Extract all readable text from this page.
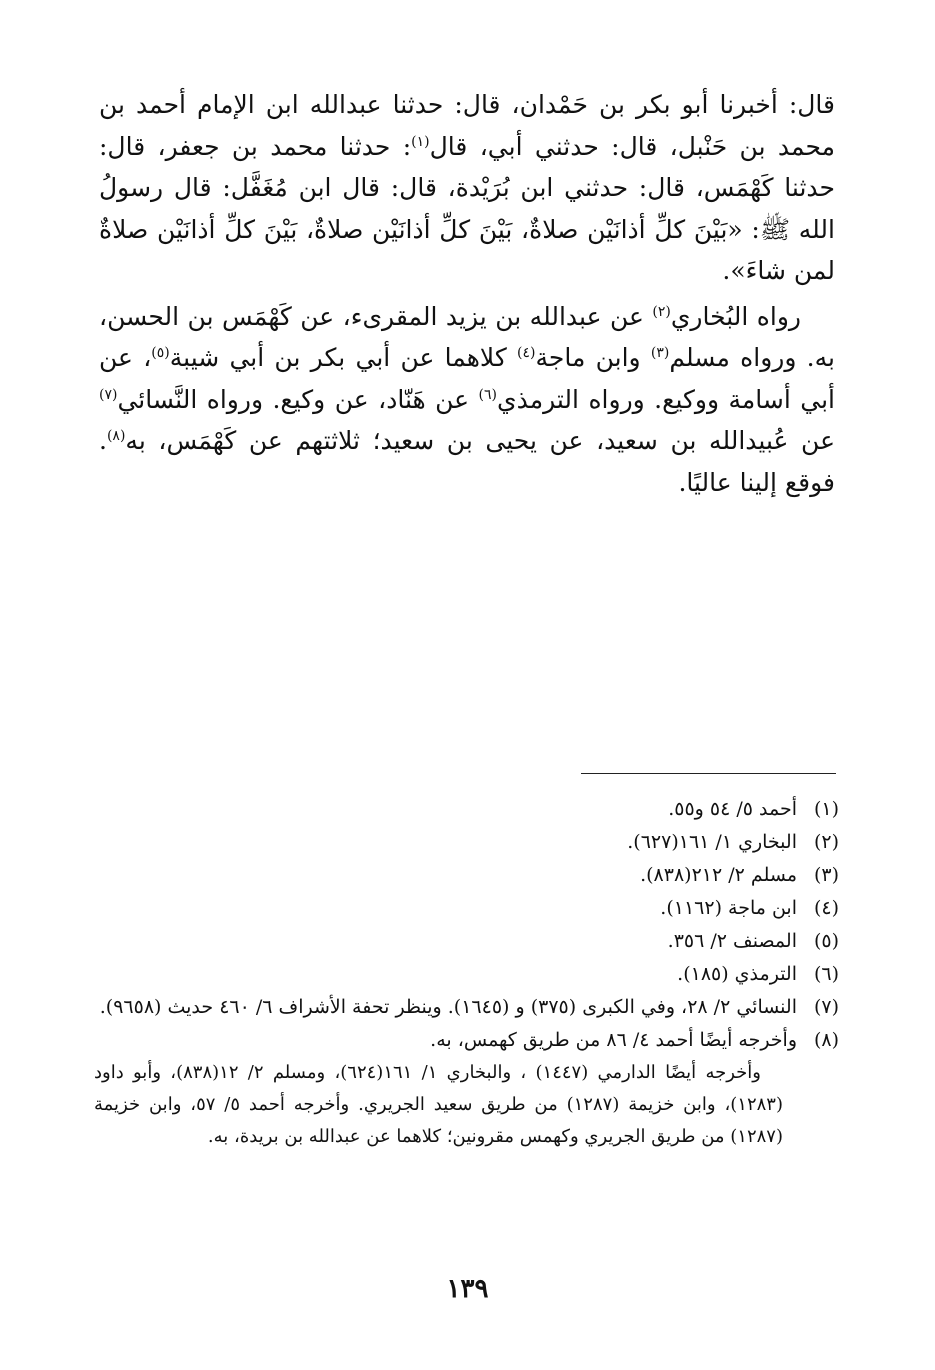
قال: أخبرنا أبو بكر بن حَمْدان، قال: حدثنا عبدالله ابن الإمام أحمد بن محمد بن حَنْبل، قال: حدثني أبي، قال$^{(١)}$: حدثنا محمد بن جعفر، قال: حدثنا كَهْمَس، قال: حدثني ابن بُرَيْدة، قال: قال ابن مُغَفَّل: قال رسولُ الله ﷺ: «بَيْنَ كلِّ أذانَيْن صلاةٌ، بَيْنَ كلِّ أذانَيْن صلاةٌ، بَيْنَ كلِّ أذانَيْن صلاةٌ لمن شاءَ».

رواه البُخاري$^{(٢)}$ عن عبدالله بن يزيد المقرىء، عن كَهْمَس بن الحسن، به. ورواه مسلم$^{(٣)}$ وابن ماجة$^{(٤)}$ كلاهما عن أبي بكر بن أبي شيبة$^{(٥)}$، عن أبي أسامة ووكيع. ورواه الترمذي$^{(٦)}$ عن هَنّاد، عن وكيع. ورواه النَّسائي$^{(٧)}$ عن عُبيدالله بن سعيد، عن يحيى بن سعيد؛ ثلاثتهم عن كَهْمَس، به$^{(٨)}$. فوقع إلينا عاليًا.

(١)
أحمد ٥/ ٥٤ و٥٥.
(٢)
البخاري ١/ ١٦١(٦٢٧).
(٣)
مسلم ٢/ ٢١٢(٨٣٨).
(٤)
ابن ماجة (١١٦٢).
(٥)
المصنف ٢/ ٣٥٦.
(٦)
الترمذي (١٨٥).
(٧)
النسائي ٢/ ٢٨، وفي الكبرى (٣٧٥) و (١٦٤٥). وينظر تحفة الأشراف ٦/ ٤٦٠ حديث (٩٦٥٨).
(٨)
وأخرجه أيضًا أحمد ٤/ ٨٦ من طريق كهمس، به.
وأخرجه أيضًا الدارمي (١٤٤٧) ، والبخاري ١/ ١٦١(٦٢٤)، ومسلم ٢/ ١٢(٨٣٨)، وأبو داود (١٢٨٣)، وابن خزيمة (١٢٨٧) من طريق سعيد الجريري. وأخرجه أحمد ٥/ ٥٧، وابن خزيمة (١٢٨٧) من طريق الجريري وكهمس مقرونين؛ كلاهما عن عبدالله بن بريدة، به.
١٣٩
